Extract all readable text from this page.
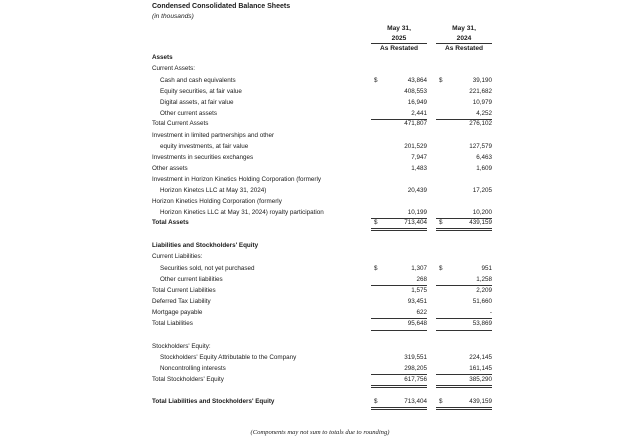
Condensed Consolidated Balance Sheets
(in thousands)
May 31,
2025
As Restated
May 31,
2024
As Restated
Assets
Current Assets:
Cash and cash equivalents	$	43,864 $	39,190
Equity securities, at fair value	408,553	221,682
Digital assets, at fair value	16,949	10,979
Other current assets	2,441	4,252
Total Current Assets	471,807	276,102
Investment in limited partnerships and other
equity investments, at fair value	201,529	127,579
Investments in securities exchanges	7,947	6,463
Other assets	1,483	1,609
Investment in Horizon Kinetics Holding Corporation (formerly
Horizon Kinetcs LLC at May 31, 2024)	20,439	17,205
Horizon Kinetics Holding Corporation (formerly
Horizon Kinetics LLC at May 31, 2024) royalty participation	10,199	10,200
Total Assets	$	713,404 $	439,159
Liabilities and Stockholders' Equity
Current Liabilities:
Securities sold, not yet purchased	$	1,307 $	951
Other current liabilities	268	1,258
Total Current Liabilities	1,575	2,209
Deferred Tax Liability	93,451	51,660
Mortgage payable	622	-
Total Liabilities	95,648	53,869
Stockholders' Equity:
Stockholders' Equity Attributable to the Company	319,551	224,145
Noncontrolling interests	298,205	161,145
Total Stockholders' Equity	617,756	385,290
Total Liabilities and Stockholders' Equity	$	713,404 $	439,159
(Components may not sum to totals due to rounding)
